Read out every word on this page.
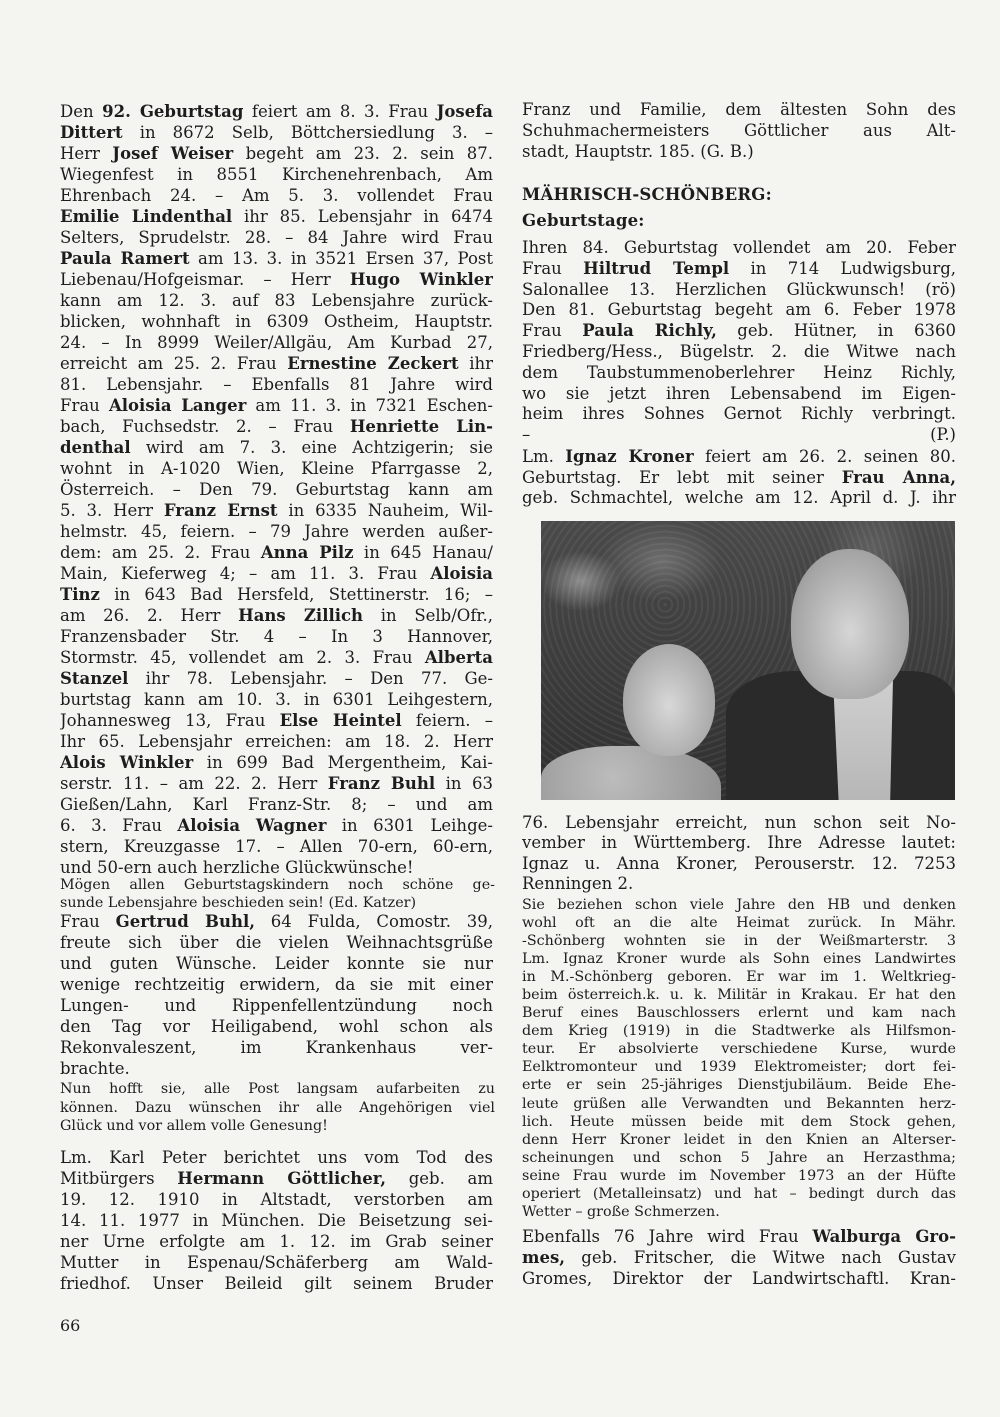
Den 92. Geburtstag feiert am 8. 3. Frau Josefa
Dittert in 8672 Selb, Böttchersiedlung 3. –
Herr Josef Weiser begeht am 23. 2. sein 87.
Wiegenfest in 8551 Kirchenehrenbach, Am
Ehrenbach 24. – Am 5. 3. vollendet Frau
Emilie Lindenthal ihr 85. Lebensjahr in 6474
Selters, Sprudelstr. 28. – 84 Jahre wird Frau
Paula Ramert am 13. 3. in 3521 Ersen 37, Post
Liebenau/Hofgeismar. – Herr Hugo Winkler
kann am 12. 3. auf 83 Lebensjahre zurück-
blicken, wohnhaft in 6309 Ostheim, Hauptstr.
24. – In 8999 Weiler/Allgäu, Am Kurbad 27,
erreicht am 25. 2. Frau Ernestine Zeckert ihr
81. Lebensjahr. – Ebenfalls 81 Jahre wird
Frau Aloisia Langer am 11. 3. in 7321 Eschen-
bach, Fuchsedstr. 2. – Frau Henriette Lin-
denthal wird am 7. 3. eine Achtzigerin; sie
wohnt in A-1020 Wien, Kleine Pfarrgasse 2,
Österreich. – Den 79. Geburtstag kann am
5. 3. Herr Franz Ernst in 6335 Nauheim, Wil-
helmstr. 45, feiern. – 79 Jahre werden außer-
dem: am 25. 2. Frau Anna Pilz in 645 Hanau/
Main, Kieferweg 4; – am 11. 3. Frau Aloisia
Tinz in 643 Bad Hersfeld, Stettinerstr. 16; –
am 26. 2. Herr Hans Zillich in Selb/Ofr.,
Franzensbader Str. 4 – In 3 Hannover,
Stormstr. 45, vollendet am 2. 3. Frau Alberta
Stanzel ihr 78. Lebensjahr. – Den 77. Ge-
burtstag kann am 10. 3. in 6301 Leihgestern,
Johannesweg 13, Frau Else Heintel feiern. –
Ihr 65. Lebensjahr erreichen: am 18. 2. Herr
Alois Winkler in 699 Bad Mergentheim, Kai-
serstr. 11. – am 22. 2. Herr Franz Buhl in 63
Gießen/Lahn, Karl Franz-Str. 8; – und am
6. 3. Frau Aloisia Wagner in 6301 Leihge-
stern, Kreuzgasse 17. – Allen 70-ern, 60-ern,
und 50-ern auch herzliche Glückwünsche!
Mögen allen Geburtstagskindern noch schöne ge-
sunde Lebensjahre beschieden sein! (Ed. Katzer)
Frau Gertrud Buhl, 64 Fulda, Comostr. 39,
freute sich über die vielen Weihnachtsgrüße
und guten Wünsche. Leider konnte sie nur
wenige rechtzeitig erwidern, da sie mit einer
Lungen- und Rippenfellentzündung noch
den Tag vor Heiligabend, wohl schon als
Rekonvaleszent, im Krankenhaus ver-
brachte.
Nun hofft sie, alle Post langsam aufarbeiten zu
können. Dazu wünschen ihr alle Angehörigen viel
Glück und vor allem volle Genesung!
Lm. Karl Peter berichtet uns vom Tod des
Mitbürgers Hermann Göttlicher, geb. am
19. 12. 1910 in Altstadt, verstorben am
14. 11. 1977 in München. Die Beisetzung sei-
ner Urne erfolgte am 1. 12. im Grab seiner
Mutter in Espenau/Schäferberg am Wald-
friedhof. Unser Beileid gilt seinem Bruder
66
Franz und Familie, dem ältesten Sohn des
Schuhmachermeisters Göttlicher aus Alt-
stadt, Hauptstr. 185. (G. B.)
MÄHRISCH-SCHÖNBERG:
Geburtstage:
Ihren 84. Geburtstag vollendet am 20. Feber
Frau Hiltrud Templ in 714 Ludwigsburg,
Salonallee 13. Herzlichen Glückwunsch! (rö)
Den 81. Geburtstag begeht am 6. Feber 1978
Frau Paula Richly, geb. Hütner, in 6360
Friedberg/Hess., Bügelstr. 2. die Witwe nach
dem Taubstummenoberlehrer Heinz Richly,
wo sie jetzt ihren Lebensabend im Eigen-
heim ihres Sohnes Gernot Richly verbringt.
– (P.)
Lm. Ignaz Kroner feiert am 26. 2. seinen 80.
Geburtstag. Er lebt mit seiner Frau Anna,
geb. Schmachtel, welche am 12. April d. J. ihr
76. Lebensjahr erreicht, nun schon seit No-
vember in Württemberg. Ihre Adresse lautet:
Ignaz u. Anna Kroner, Perouserstr. 12. 7253
Renningen 2.
Sie beziehen schon viele Jahre den HB und denken
wohl oft an die alte Heimat zurück. In Mähr.
-Schönberg wohnten sie in der Weißmarterstr. 3
Lm. Ignaz Kroner wurde als Sohn eines Landwirtes
in M.-Schönberg geboren. Er war im 1. Weltkrieg-
beim österreich.k. u. k. Militär in Krakau. Er hat den
Beruf eines Bauschlossers erlernt und kam nach
dem Krieg (1919) in die Stadtwerke als Hilfsmon-
teur. Er absolvierte verschiedene Kurse, wurde
Eelktromonteur und 1939 Elektromeister; dort fei-
erte er sein 25-jähriges Dienstjubiläum. Beide Ehe-
leute grüßen alle Verwandten und Bekannten herz-
lich. Heute müssen beide mit dem Stock gehen,
denn Herr Kroner leidet in den Knien an Alterser-
scheinungen und schon 5 Jahre an Herzasthma;
seine Frau wurde im November 1973 an der Hüfte
operiert (Metalleinsatz) und hat – bedingt durch das
Wetter – große Schmerzen.
Ebenfalls 76 Jahre wird Frau Walburga Gro-
mes, geb. Fritscher, die Witwe nach Gustav
Gromes, Direktor der Landwirtschaftl. Kran-
